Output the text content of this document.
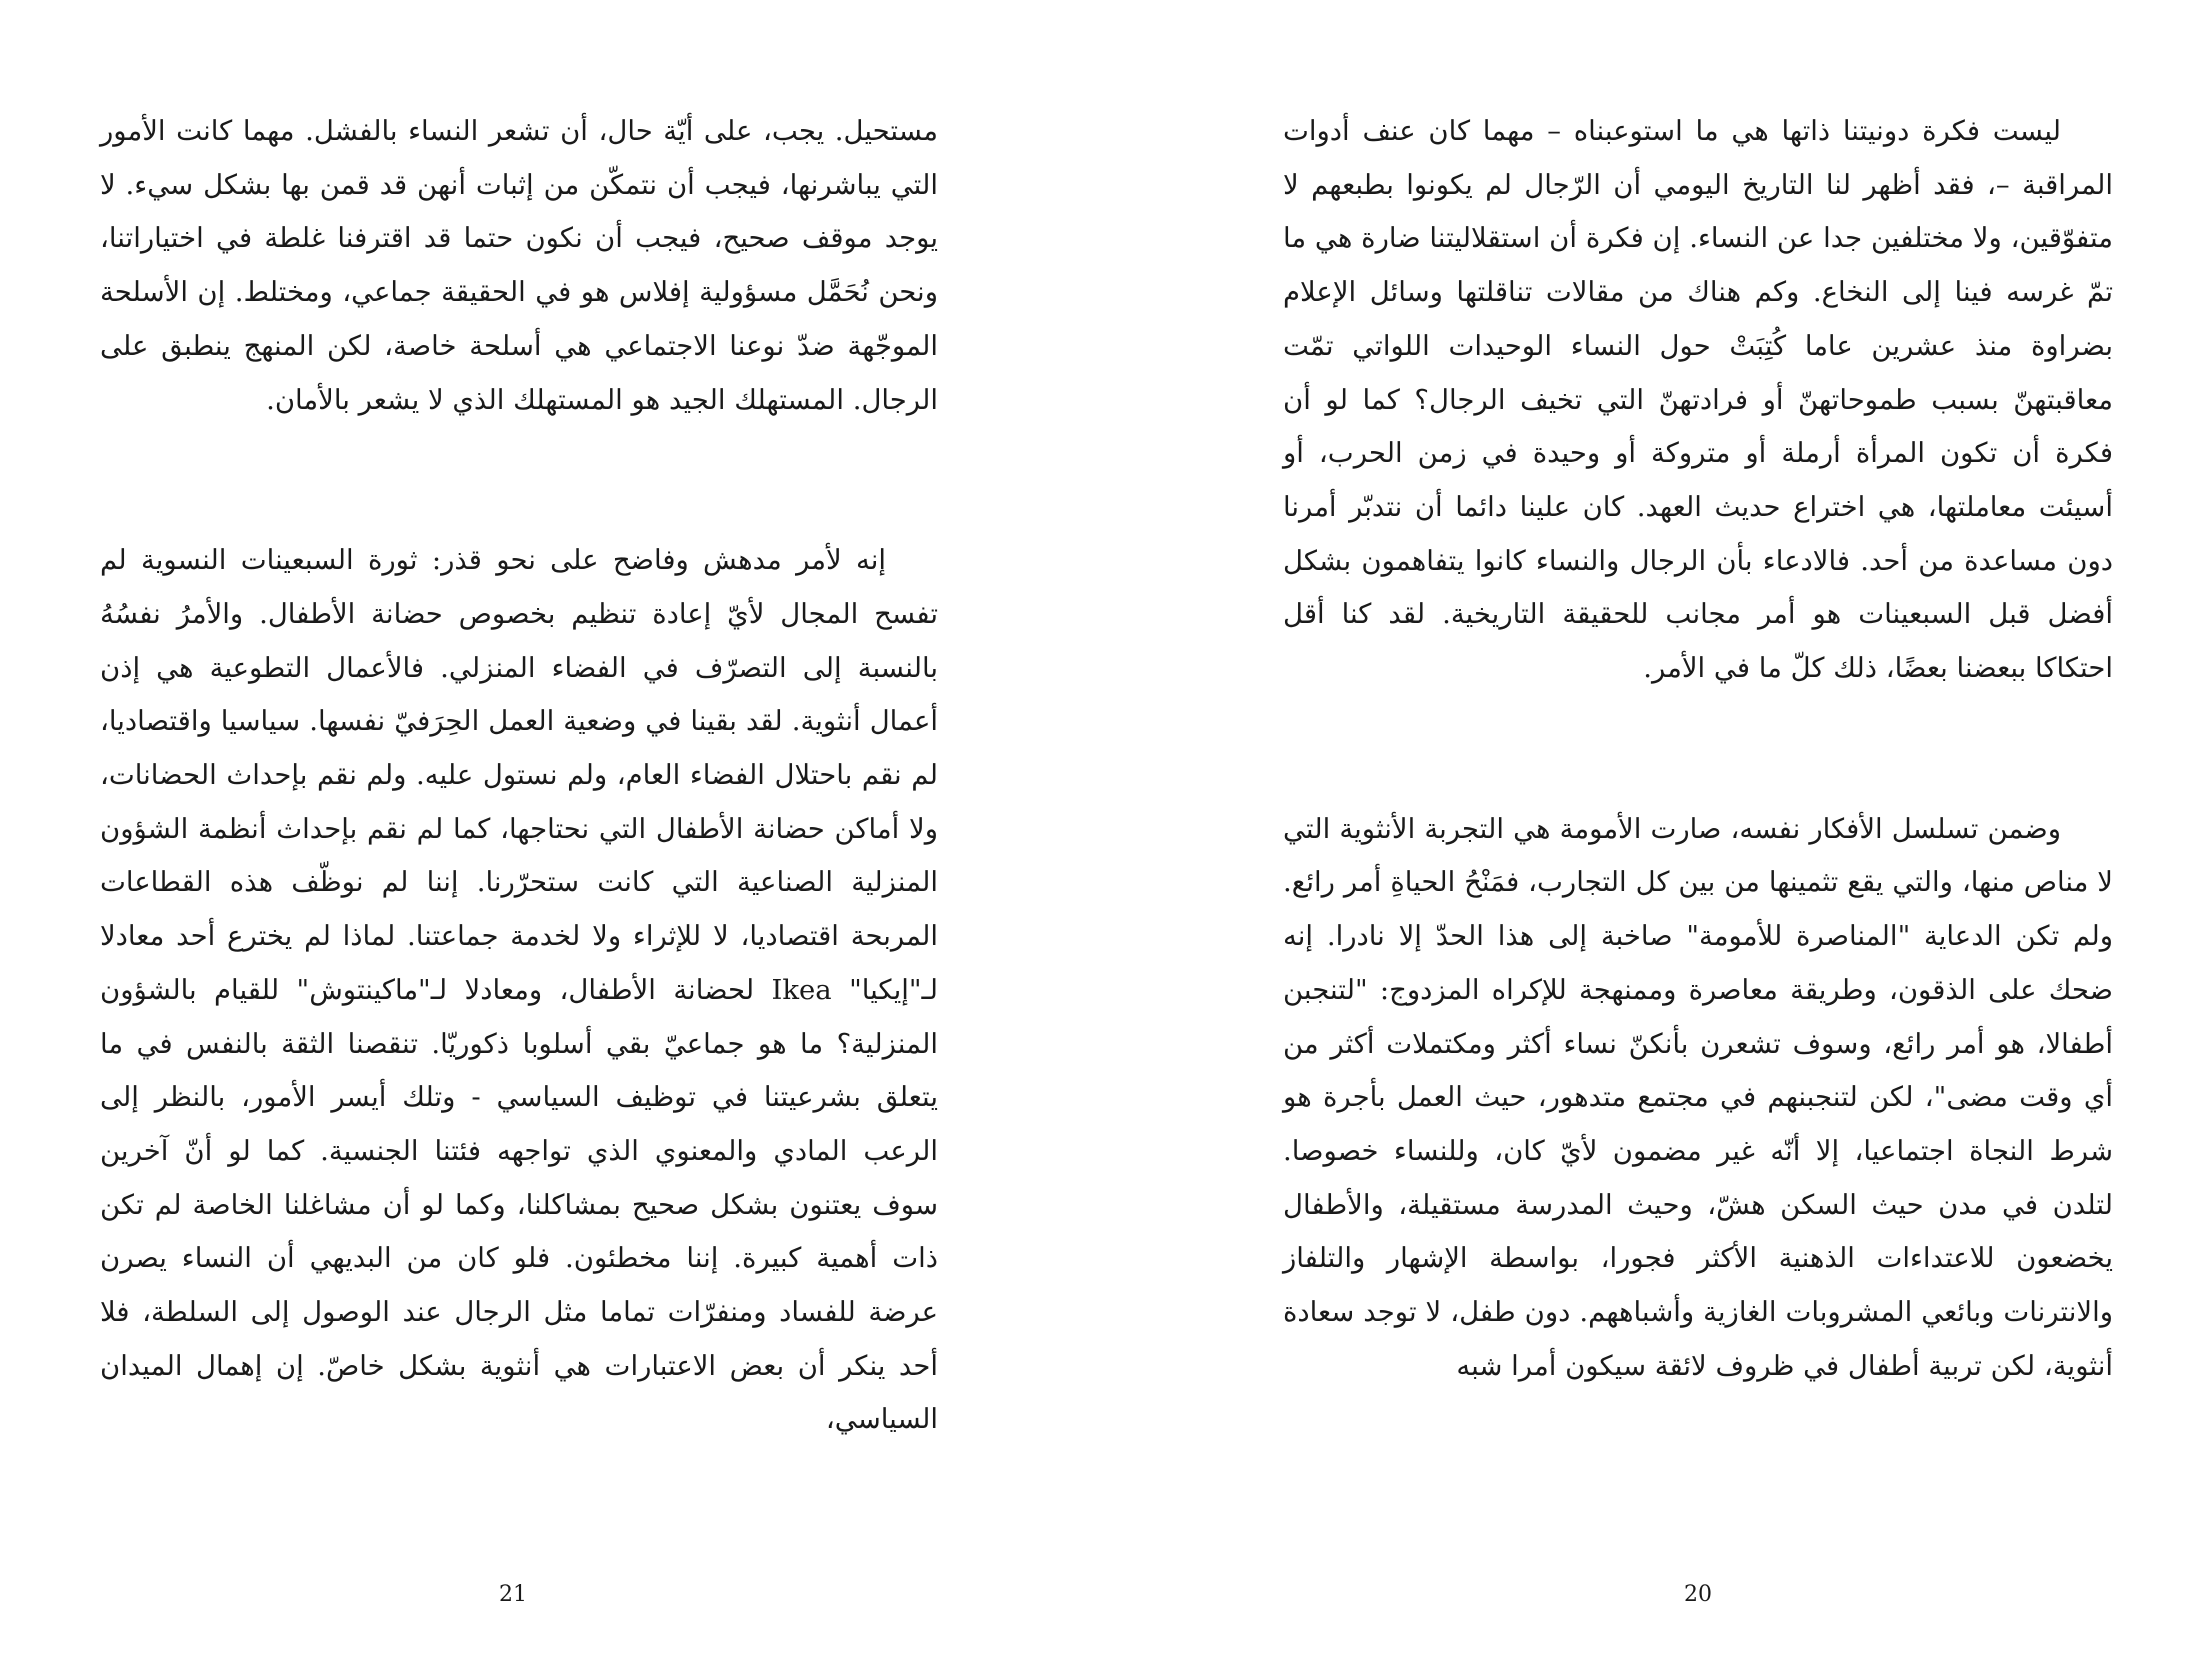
مستحيل. يجب، على أيّة حال، أن تشعر النساء بالفشل. مهما كانت الأمور التي يباشرنها، فيجب أن نتمكّن من إثبات أنهن قد قمن بها بشكل سيء. لا يوجد موقف صحيح، فيجب أن نكون حتما قد اقترفنا غلطة في اختياراتنا، ونحن نُحَمَّل مسؤولية إفلاس هو في الحقيقة جماعي، ومختلط. إن الأسلحة الموجّهة ضدّ نوعنا الاجتماعي هي أسلحة خاصة، لكن المنهج ينطبق على الرجال. المستهلك الجيد هو المستهلك الذي لا يشعر بالأمان.

إنه لأمر مدهش وفاضح على نحو قذر: ثورة السبعينات النسوية لم تفسح المجال لأيّ إعادة تنظيم بخصوص حضانة الأطفال. والأمرُ نفسُهُ بالنسبة إلى التصرّف في الفضاء المنزلي. فالأعمال التطوعية هي إذن أعمال أنثوية. لقد بقينا في وضعية العمل الحِرَفيّ نفسها. سياسيا واقتصاديا، لم نقم باحتلال الفضاء العام، ولم نستول عليه. ولم نقم بإحداث الحضانات، ولا أماكن حضانة الأطفال التي نحتاجها، كما لم نقم بإحداث أنظمة الشؤون المنزلية الصناعية التي كانت ستحرّرنا. إننا لم نوظّف هذه القطاعات المربحة اقتصاديا، لا للإثراء ولا لخدمة جماعتنا. لماذا لم يخترع أحد معادلا لـ"إيكيا" Ikea لحضانة الأطفال، ومعادلا لـ"ماكينتوش" للقيام بالشؤون المنزلية؟ ما هو جماعيّ بقي أسلوبا ذكوريّا. تنقصنا الثقة بالنفس في ما يتعلق بشرعيتنا في توظيف السياسي - وتلك أيسر الأمور، بالنظر إلى الرعب المادي والمعنوي الذي تواجهه فئتنا الجنسية. كما لو أنّ آخرين سوف يعتنون بشكل صحيح بمشاكلنا، وكما لو أن مشاغلنا الخاصة لم تكن ذات أهمية كبيرة. إننا مخطئون. فلو كان من البديهي أن النساء يصرن عرضة للفساد ومنفرّات تماما مثل الرجال عند الوصول إلى السلطة، فلا أحد ينكر أن بعض الاعتبارات هي أنثوية بشكل خاصّ. إن إهمال الميدان السياسي،

21

ليست فكرة دونيتنا ذاتها هي ما استوعبناه – مهما كان عنف أدوات المراقبة –، فقد أظهر لنا التاريخ اليومي أن الرّجال لم يكونوا بطبعهم لا متفوّقين، ولا مختلفين جدا عن النساء. إن فكرة أن استقلاليتنا ضارة هي ما تمّ غرسه فينا إلى النخاع. وكم هناك من مقالات تناقلتها وسائل الإعلام بضراوة منذ عشرين عاما كُتِبَتْ حول النساء الوحيدات اللواتي تمّت معاقبتهنّ بسبب طموحاتهنّ أو فرادتهنّ التي تخيف الرجال؟ كما لو أن فكرة أن تكون المرأة أرملة أو متروكة أو وحيدة في زمن الحرب، أو أسيئت معاملتها، هي اختراع حديث العهد. كان علينا دائما أن نتدبّر أمرنا دون مساعدة من أحد. فالادعاء بأن الرجال والنساء كانوا يتفاهمون بشكل أفضل قبل السبعينات هو أمر مجانب للحقيقة التاريخية. لقد كنا أقل احتكاكا ببعضنا بعضًا، ذلك كلّ ما في الأمر.

وضمن تسلسل الأفكار نفسه، صارت الأمومة هي التجربة الأنثوية التي لا مناص منها، والتي يقع تثمينها من بين كل التجارب، فمَنْحُ الحياةِ أمر رائع. ولم تكن الدعاية "المناصرة للأمومة" صاخبة إلى هذا الحدّ إلا نادرا. إنه ضحك على الذقون، وطريقة معاصرة وممنهجة للإكراه المزدوج: "لتنجبن أطفالا، هو أمر رائع، وسوف تشعرن بأنكنّ نساء أكثر ومكتملات أكثر من أي وقت مضى"، لكن لتنجبنهم في مجتمع متدهور، حيث العمل بأجرة هو شرط النجاة اجتماعيا، إلا أنّه غير مضمون لأيّ كان، وللنساء خصوصا. لتلدن في مدن حيث السكن هشّ، وحيث المدرسة مستقيلة، والأطفال يخضعون للاعتداءات الذهنية الأكثر فجورا، بواسطة الإشهار والتلفاز والانترنات وبائعي المشروبات الغازية وأشباههم. دون طفل، لا توجد سعادة أنثوية، لكن تربية أطفال في ظروف لائقة سيكون أمرا شبه

20
